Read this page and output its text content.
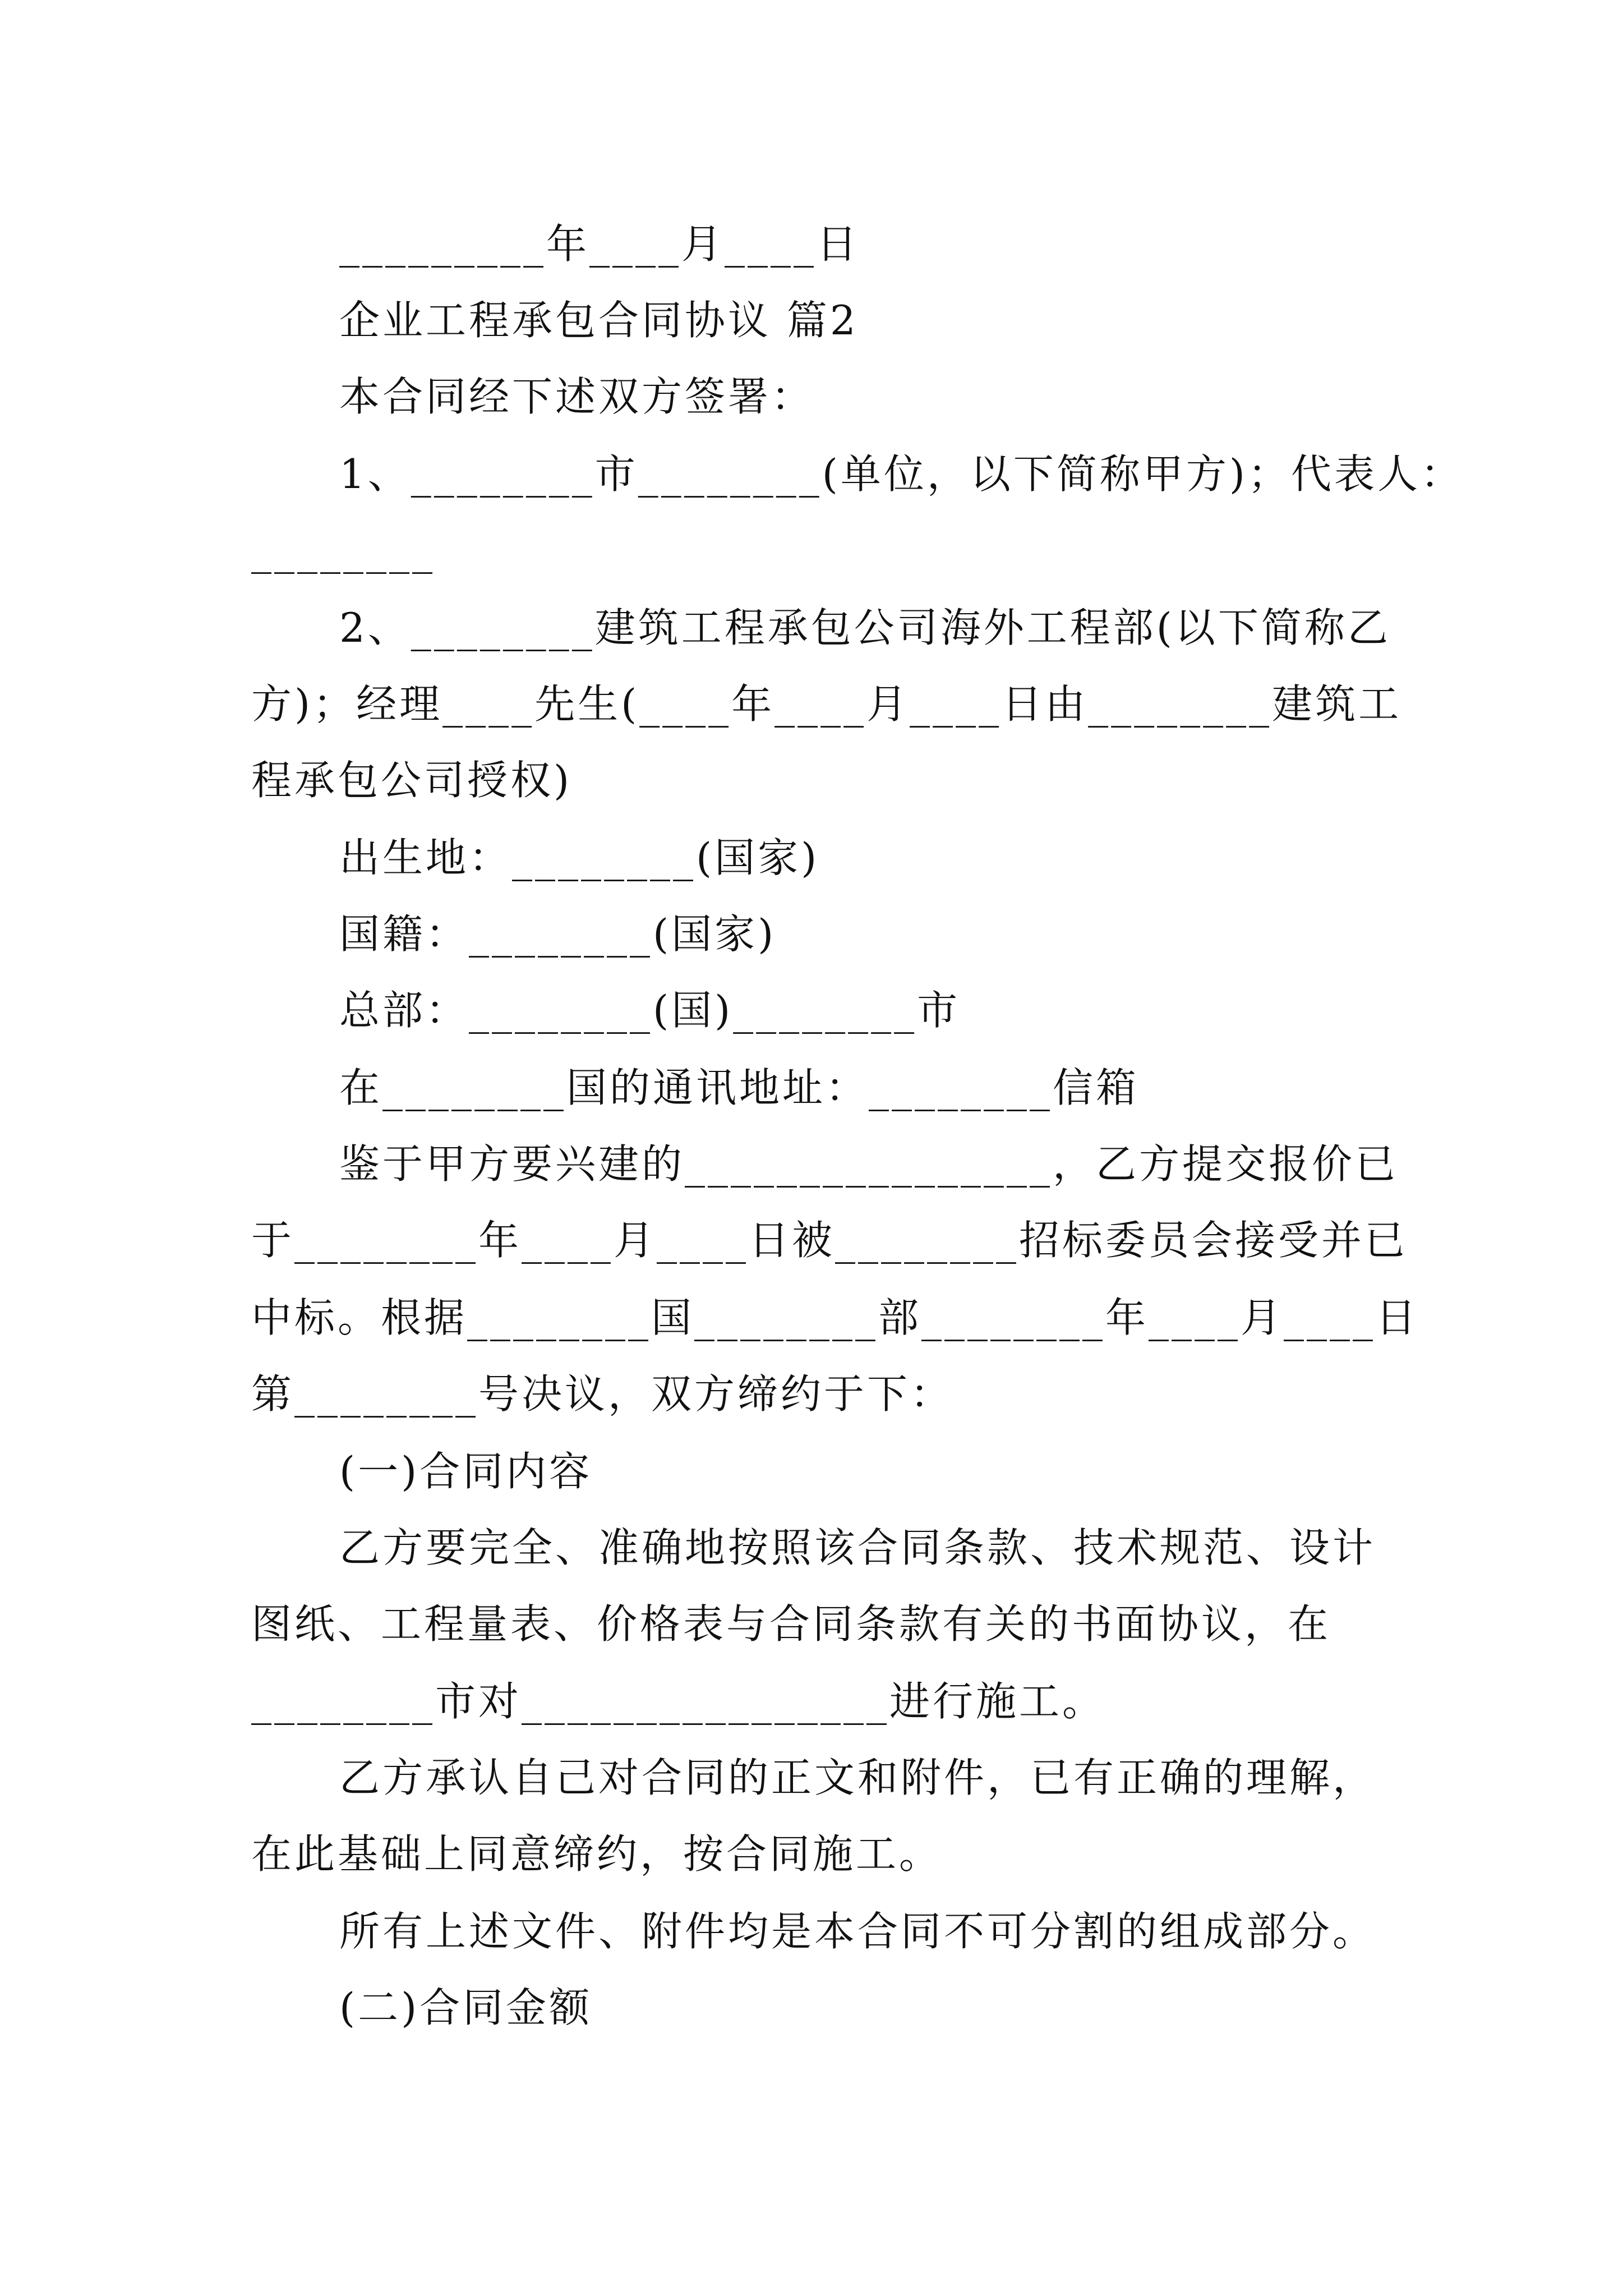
_________年____月____日
企业工程承包合同协议 篇2
本合同经下述双方签署：
1、________市________(单位，以下简称甲方)；代表人：
________
2、________建筑工程承包公司海外工程部(以下简称乙
方)；经理____先生(____年____月____日由________建筑工
程承包公司授权)
出生地：________(国家)
国籍：________(国家)
总部：________(国)________市
在________国的通讯地址：________信箱
鉴于甲方要兴建的________________，乙方提交报价已
于________年____月____日被________招标委员会接受并已
中标。根据________国________部________年____月____日
第________号决议，双方缔约于下：
(一)合同内容
乙方要完全、准确地按照该合同条款、技术规范、设计
图纸、工程量表、价格表与合同条款有关的书面协议，在
________市对________________进行施工。
乙方承认自己对合同的正文和附件，已有正确的理解，
在此基础上同意缔约，按合同施工。
所有上述文件、附件均是本合同不可分割的组成部分。
(二)合同金额
